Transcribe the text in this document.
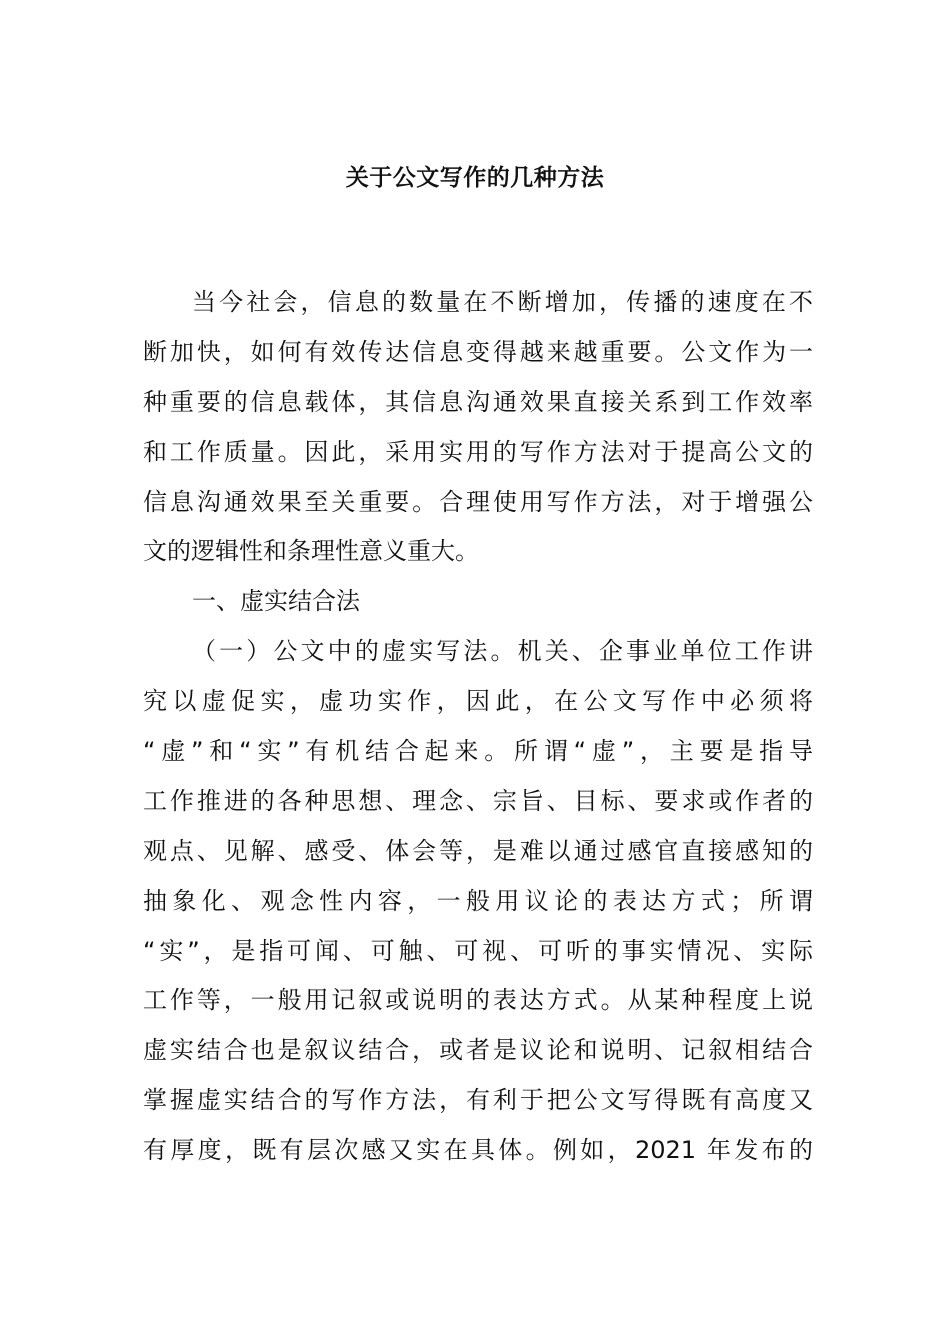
关于公文写作的几种方法
当今社会，信息的数量在不断增加，传播的速度在不
断加快，如何有效传达信息变得越来越重要。公文作为一
种重要的信息载体，其信息沟通效果直接关系到工作效率
和工作质量。因此，采用实用的写作方法对于提高公文的
信息沟通效果至关重要。合理使用写作方法，对于增强公
文的逻辑性和条理性意义重大。
一、虚实结合法
（一）公文中的虚实写法。机关、企事业单位工作讲
究以虚促实，虚功实作，因此，在公文写作中必须将
“虚”和“实”有机结合起来。所谓“虚”，主要是指导
工作推进的各种思想、理念、宗旨、目标、要求或作者的
观点、见解、感受、体会等，是难以通过感官直接感知的
抽象化、观念性内容，一般用议论的表达方式；所谓
“实”，是指可闻、可触、可视、可听的事实情况、实际
工作等，一般用记叙或说明的表达方式。从某种程度上说
虚实结合也是叙议结合，或者是议论和说明、记叙相结合
掌握虚实结合的写作方法，有利于把公文写得既有高度又
有厚度，既有层次感又实在具体。例如，2021 年发布的
